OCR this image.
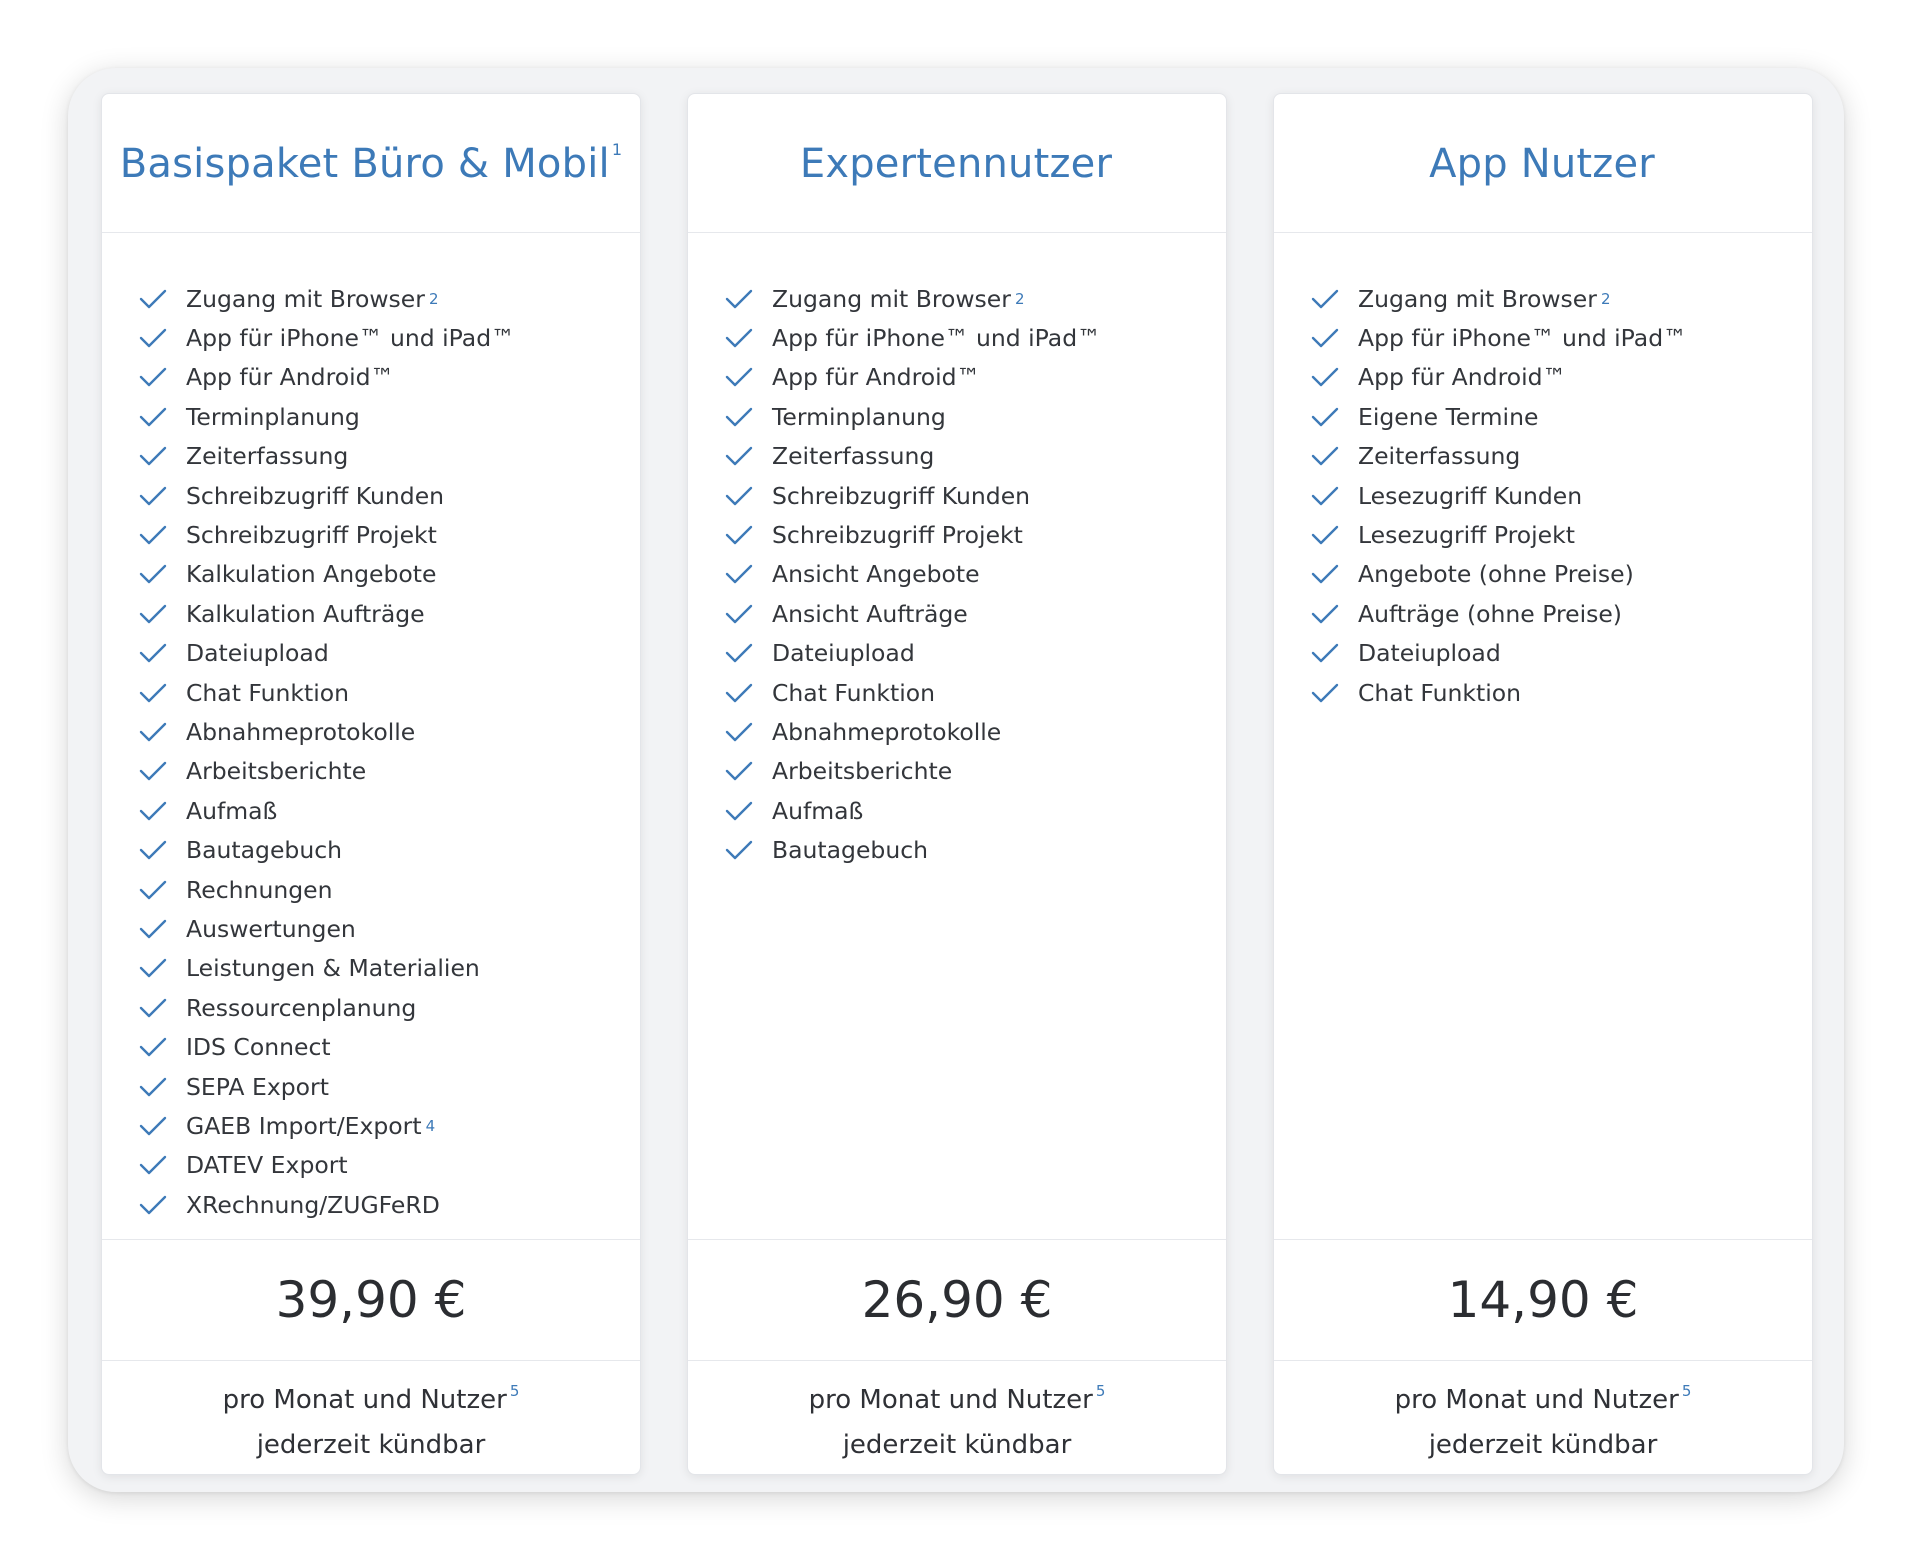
Basispaket Büro & Mobil $^1$
Zugang mit Browser 2
App für iPhone™ und iPad™
App für Android™
Terminplanung
Zeiterfassung
Schreibzugriff Kunden
Schreibzugriff Projekt
Kalkulation Angebote
Kalkulation Aufträge
Dateiupload
Chat Funktion
Abnahmeprotokolle
Arbeitsberichte
Aufmaß
Bautagebuch
Rechnungen
Auswertungen
Leistungen & Materialien
Ressourcenplanung
IDS Connect
SEPA Export
GAEB Import/Export 4
DATEV Export
XRechnung/ZUGFeRD
39,90 €
pro Monat und Nutzer $^5$
jederzeit kündbar
Expertennutzer
Zugang mit Browser 2
App für iPhone™ und iPad™
App für Android™
Terminplanung
Zeiterfassung
Schreibzugriff Kunden
Schreibzugriff Projekt
Ansicht Angebote
Ansicht Aufträge
Dateiupload
Chat Funktion
Abnahmeprotokolle
Arbeitsberichte
Aufmaß
Bautagebuch
26,90 €
pro Monat und Nutzer $^5$
jederzeit kündbar
App Nutzer
Zugang mit Browser 2
App für iPhone™ und iPad™
App für Android™
Eigene Termine
Zeiterfassung
Lesezugriff Kunden
Lesezugriff Projekt
Angebote (ohne Preise)
Aufträge (ohne Preise)
Dateiupload
Chat Funktion
14,90 €
pro Monat und Nutzer $^5$
jederzeit kündbar
